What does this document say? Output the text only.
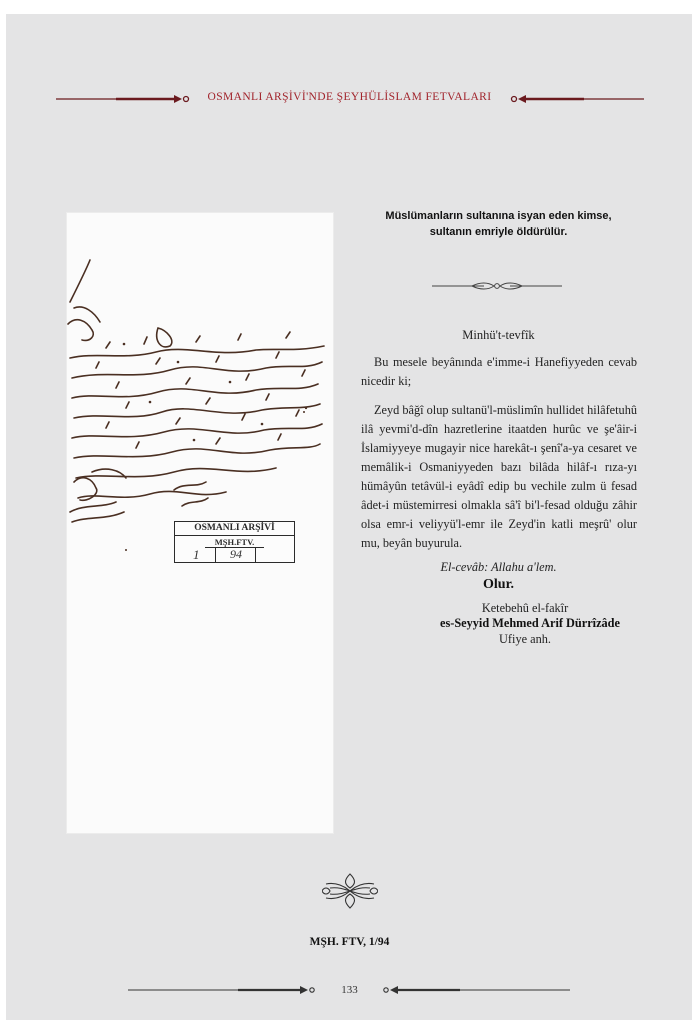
OSMANLI ARŞİVİ'NDE ŞEYHÜLİSLAM FETVALARI
OSMANLI ARŞİVİ
MŞH.FTV.
1	94
Müslümanların sultanına isyan eden kimse,
sultanın emriyle öldürülür.
Minhü't-tevfîk

Bu mesele beyânında e'imme-i Hanefiyyeden cevab nicedir ki;

Zeyd bâğî olup sultanü'l-müslimîn hullidet hilâfetuhû ilâ yevmi'd-dîn hazretlerine itaatden hurûc ve şe'âir-i İslamiyyeye mugayir nice harekât-ı şenî'a-ya cesaret ve memâlik-i Osmaniyyeden bazı bilâda hilâf-ı rıza-yı hümâyûn tetâvül-i eyâdî edip bu vechile zulm ü fesad âdet-i müstemirresi olmakla sâ'î bi'l-fesad olduğu zâhir olsa emr-i veliyyü'l-emr ile Zeyd'in katli meşrû' olur mu, beyân buyurula.

El-cevâb: Allahu a'lem.
Olur.
Ketebehû el-fakîr
es-Seyyid Mehmed Arif Dürrîzâde
Ufiye anh.
MŞH. FTV, 1/94
133
